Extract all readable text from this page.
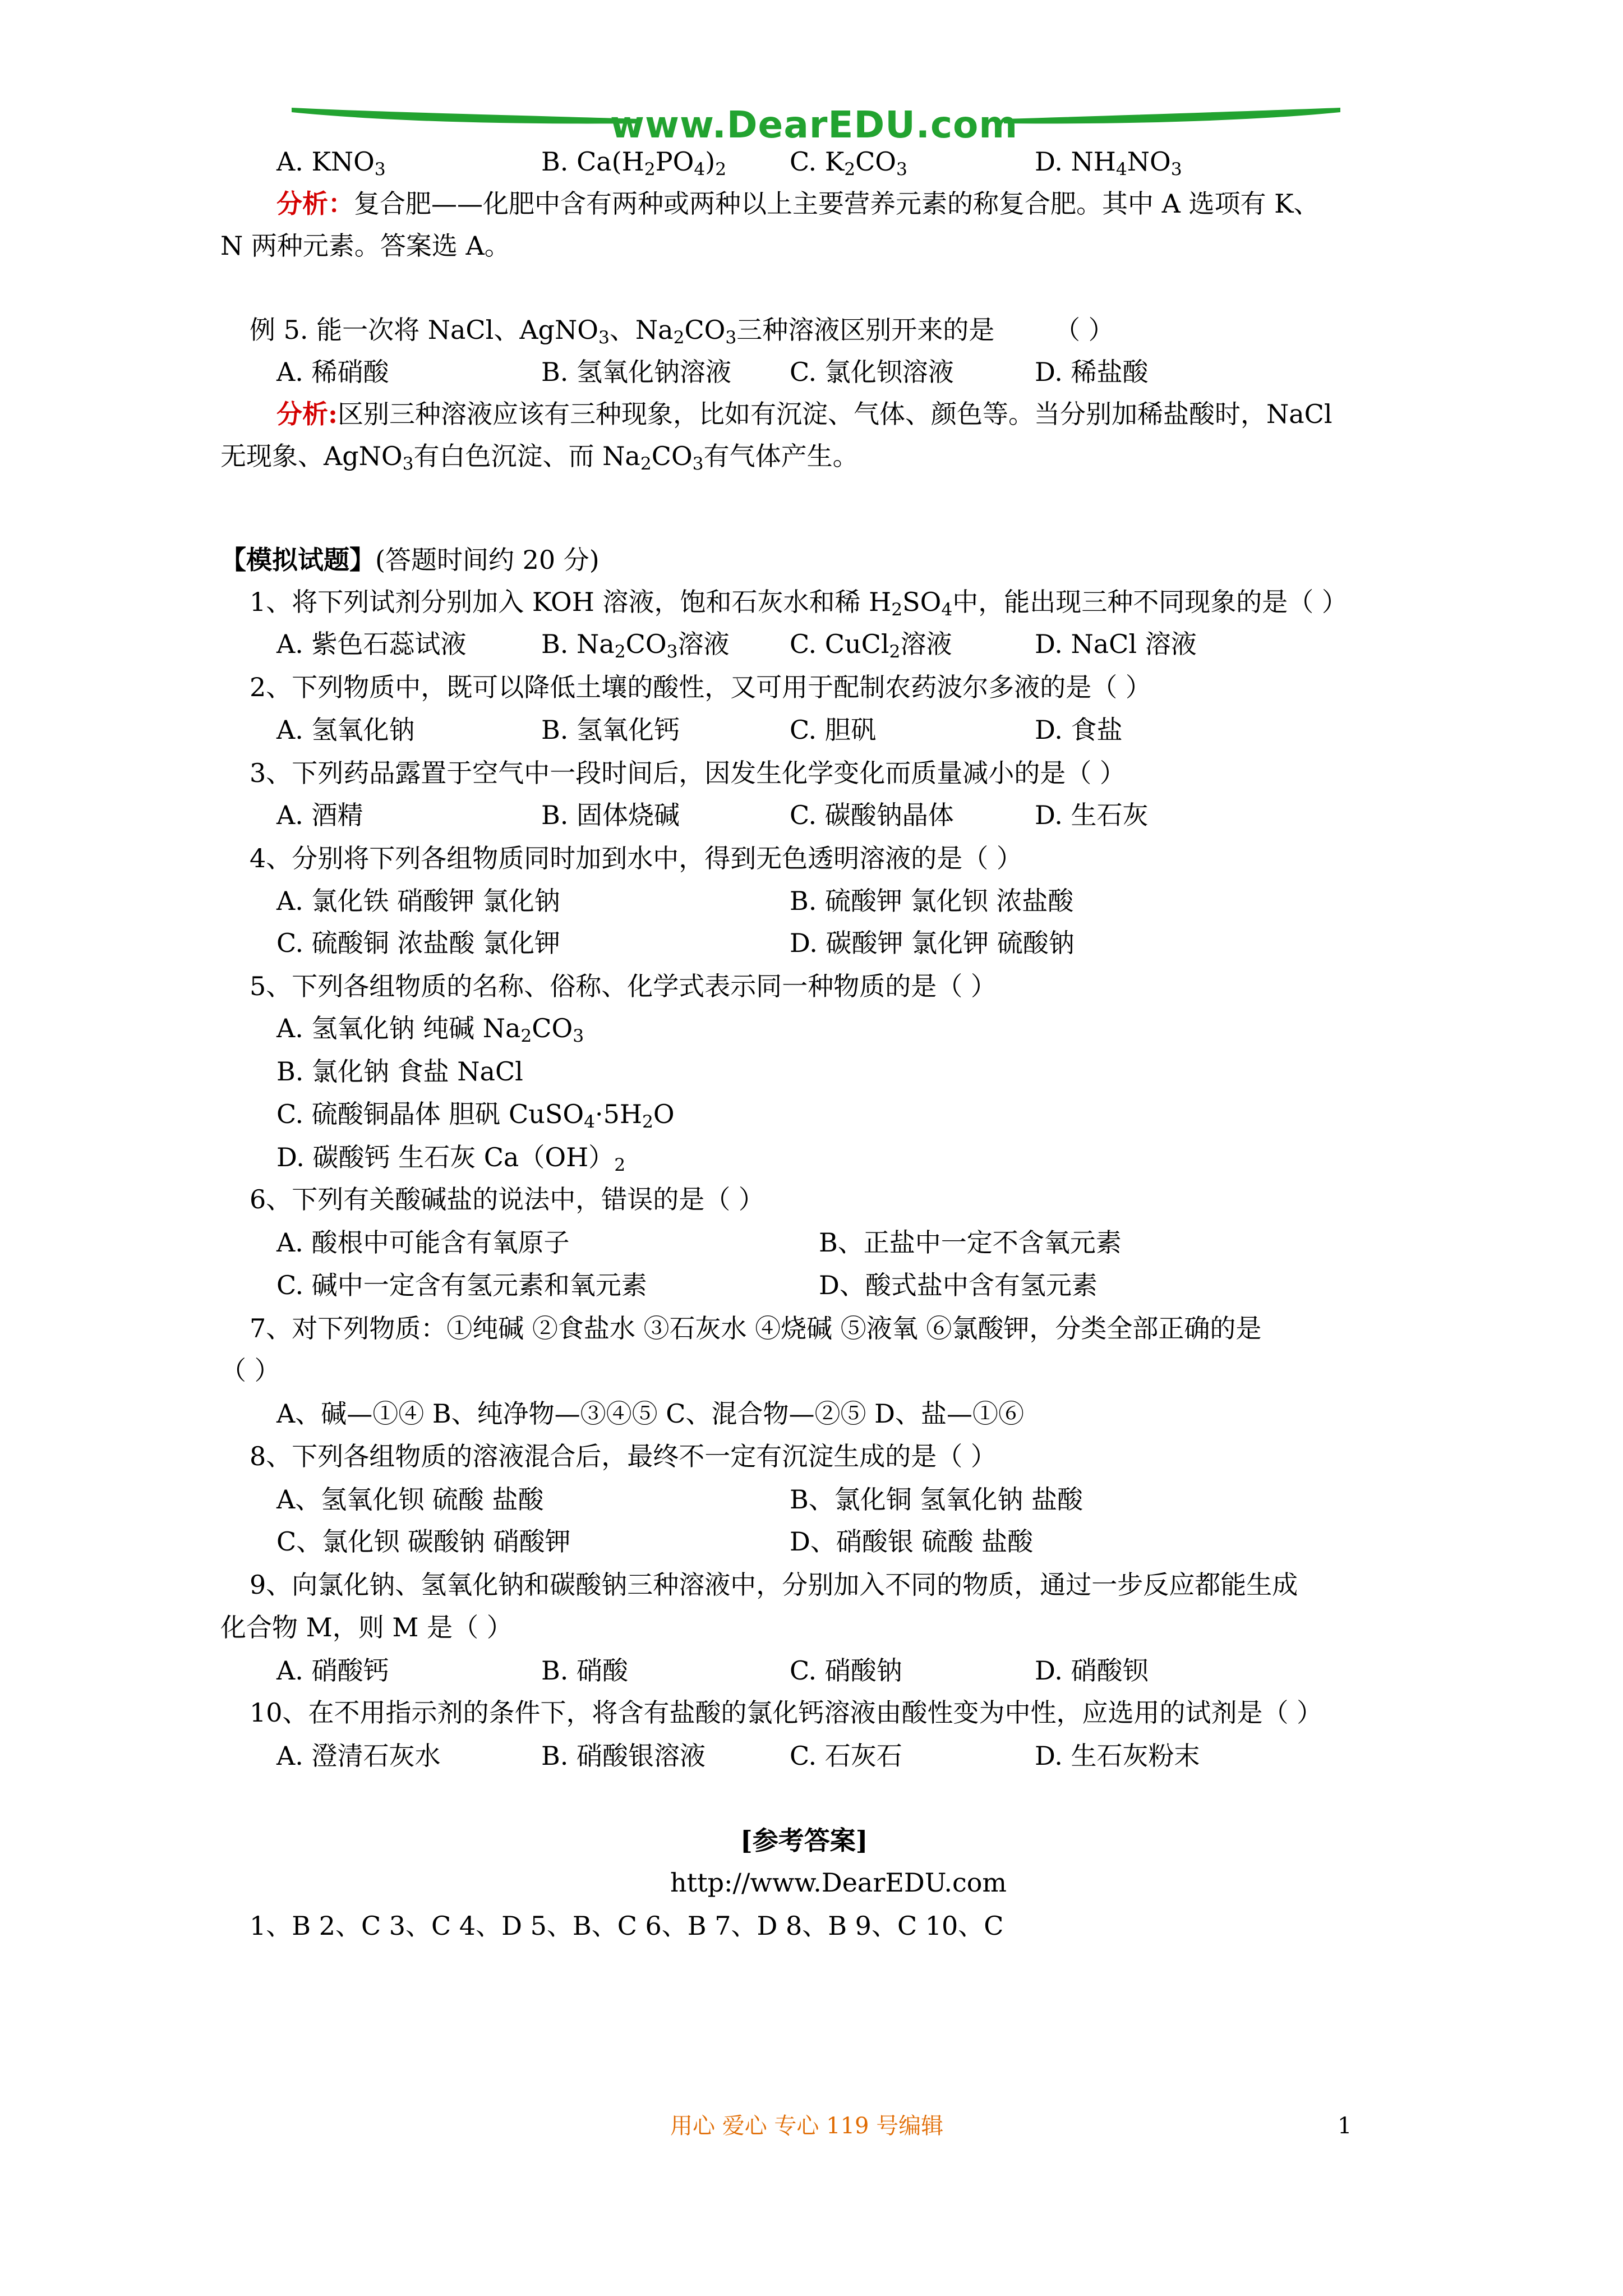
www.DearEDU.com
A. $KNO_3$	B. $Ca(H_2PO_4)_2$ C. $K_2CO_3$	D. $NH_4NO_3$
分析：复合肥——化肥中含有两种或两种以上主要营养元素的称复合肥。其中 A 选项有 K、
N 两种元素。答案选 A。
例 5. 能一次将 NaCl、AgNO$_3$、$Na_2CO_3$三种溶液区别开来的是 （ ）
A. 稀硝酸	B. 氢氧化钠溶液 C. 氯化钡溶液	D. 稀盐酸
分析:区别三种溶液应该有三种现象，比如有沉淀、气体、颜色等。当分别加稀盐酸时，NaCl
无现象、AgNO$_3$有白色沉淀、而 $Na_2CO_3$有气体产生。
【模拟试题】(答题时间约 20 分)
1、将下列试剂分别加入 KOH 溶液，饱和石灰水和稀 $H_2SO_4$中，能出现三种不同现象的是（ ）
A. 紫色石蕊试液	B. $Na_2CO_3$溶液 C. CuCl$_2$溶液	D. NaCl 溶液
2、下列物质中，既可以降低土壤的酸性，又可用于配制农药波尔多液的是（ ）
A. 氢氧化钠	B. 氢氧化钙	C. 胆矾	D. 食盐
3、下列药品露置于空气中一段时间后，因发生化学变化而质量减小的是（ ）
A. 酒精	B. 固体烧碱	C. 碳酸钠晶体	D. 生石灰
4、分别将下列各组物质同时加到水中，得到无色透明溶液的是（ ）
A. 氯化铁 硝酸钾 氯化钠	B. 硫酸钾 氯化钡 浓盐酸
C. 硫酸铜 浓盐酸 氯化钾	D. 碳酸钾 氯化钾 硫酸钠
5、下列各组物质的名称、俗称、化学式表示同一种物质的是（ ）
A. 氢氧化钠 纯碱 $Na_2CO_3$
B. 氯化钠 食盐 NaCl
C. 硫酸铜晶体 胆矾 $CuSO_4\cdot 5H_2O$
D. 碳酸钙 生石灰 $Ca(OH)_2$
6、下列有关酸碱盐的说法中，错误的是（ ）
A. 酸根中可能含有氧原子	B、正盐中一定不含氧元素
C. 碱中一定含有氢元素和氧元素	D、酸式盐中含有氢元素
7、对下列物质：①纯碱 ②食盐水 ③石灰水 ④烧碱 ⑤液氧 ⑥氯酸钾，分类全部正确的是
（ ）
A、碱—①④ B、纯净物—③④⑤ C、混合物—②⑤ D、盐—①⑥
8、下列各组物质的溶液混合后，最终不一定有沉淀生成的是（ ）
A、氢氧化钡 硫酸 盐酸	B、氯化铜 氢氧化钠 盐酸
C、氯化钡 碳酸钠 硝酸钾	D、硝酸银 硫酸 盐酸
9、向氯化钠、氢氧化钠和碳酸钠三种溶液中，分别加入不同的物质，通过一步反应都能生成
化合物 M，则 M 是（ ）
A. 硝酸钙	B. 硝酸	C. 硝酸钠	D. 硝酸钡
10、在不用指示剂的条件下，将含有盐酸的氯化钙溶液由酸性变为中性，应选用的试剂是（ ）
A. 澄清石灰水	B. 硝酸银溶液	C. 石灰石	D. 生石灰粉末
[参考答案]
http://www.DearEDU.com
1、B 2、C 3、C 4、D 5、B、C 6、B 7、D 8、B 9、C 10、C
用心 爱心 专心 119 号编辑	1
